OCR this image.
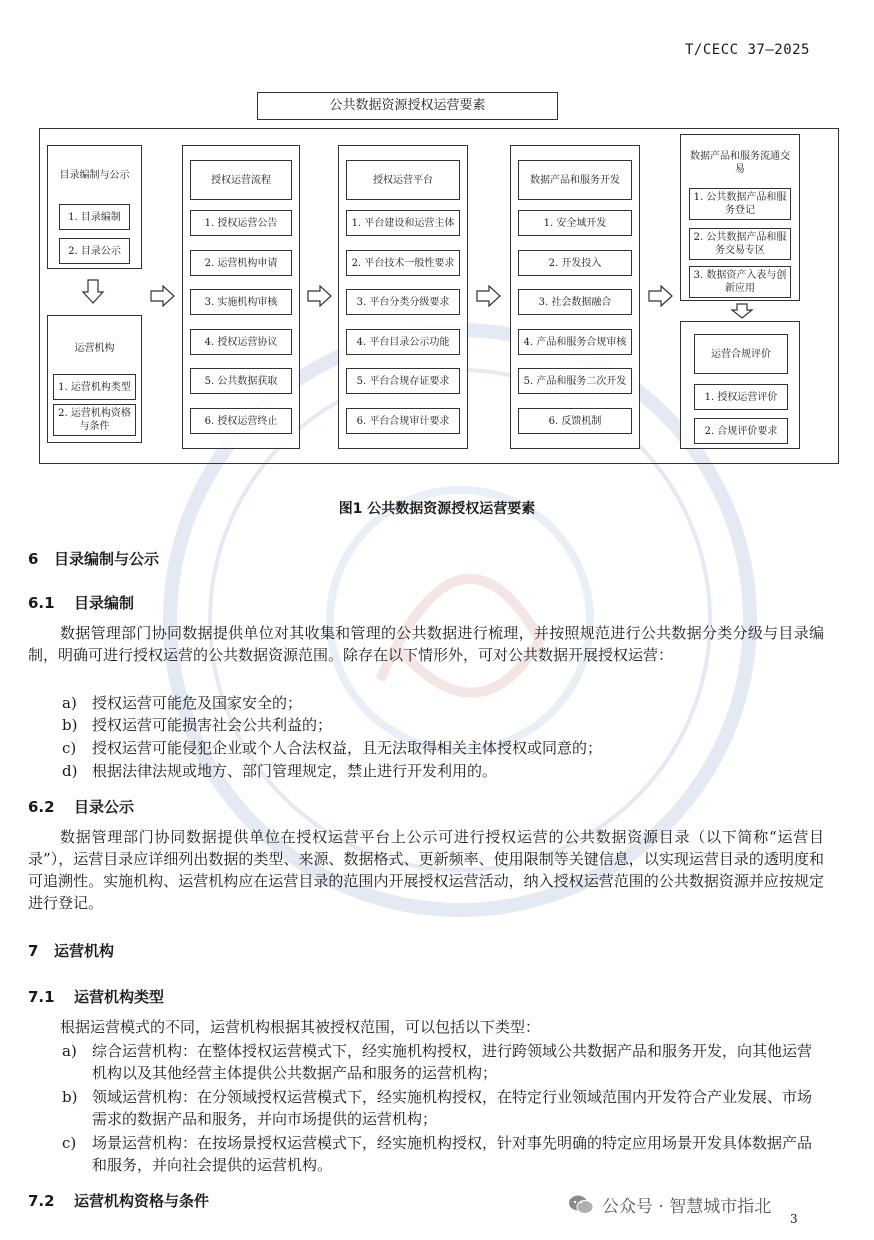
T/CECC 37—2025
公共数据资源授权运营要素
目录编制与公示
1. 目录编制
2. 目录公示
运营机构
1. 运营机构类型
2. 运营机构资格与条件
授权运营流程
1. 授权运营公告
2. 运营机构申请
3. 实施机构审核
4. 授权运营协议
5. 公共数据获取
6. 授权运营终止
授权运营平台
1. 平台建设和运营主体
2. 平台技术一般性要求
3. 平台分类分级要求
4. 平台目录公示功能
5. 平台合规存证要求
6. 平台合规审计要求
数据产品和服务开发
1. 安全域开发
2. 开发投入
3. 社会数据融合
4. 产品和服务合规审核
5. 产品和服务二次开发
6. 反馈机制
数据产品和服务流通交易
1. 公共数据产品和服务登记
2. 公共数据产品和服务交易专区
3. 数据资产入表与创新应用
运营合规评价
1. 授权运营评价
2. 合规评价要求
图1 公共数据资源授权运营要素
6 目录编制与公示
6.1 目录编制
数据管理部门协同数据提供单位对其收集和管理的公共数据进行梳理，并按照规范进行公共数据分类分级与目录编制，明确可进行授权运营的公共数据资源范围。除存在以下情形外，可对公共数据开展授权运营：
a) 授权运营可能危及国家安全的；
b) 授权运营可能损害社会公共利益的；
c) 授权运营可能侵犯企业或个人合法权益，且无法取得相关主体授权或同意的；
d) 根据法律法规或地方、部门管理规定，禁止进行开发利用的。
6.2 目录公示
数据管理部门协同数据提供单位在授权运营平台上公示可进行授权运营的公共数据资源目录（以下简称“运营目录”），运营目录应详细列出数据的类型、来源、数据格式、更新频率、使用限制等关键信息，以实现运营目录的透明度和可追溯性。实施机构、运营机构应在运营目录的范围内开展授权运营活动，纳入授权运营范围的公共数据资源并应按规定进行登记。
7 运营机构
7.1 运营机构类型
根据运营模式的不同，运营机构根据其被授权范围，可以包括以下类型：
a) 综合运营机构：在整体授权运营模式下，经实施机构授权，进行跨领域公共数据产品和服务开发，向其他运营机构以及其他经营主体提供公共数据产品和服务的运营机构；
b) 领域运营机构：在分领域授权运营模式下，经实施机构授权，在特定行业领域范围内开发符合产业发展、市场需求的数据产品和服务，并向市场提供的运营机构；
c) 场景运营机构：在按场景授权运营模式下，经实施机构授权，针对事先明确的特定应用场景开发具体数据产品和服务，并向社会提供的运营机构。
7.2 运营机构资格与条件	公众号 · 智慧城市指北
3
